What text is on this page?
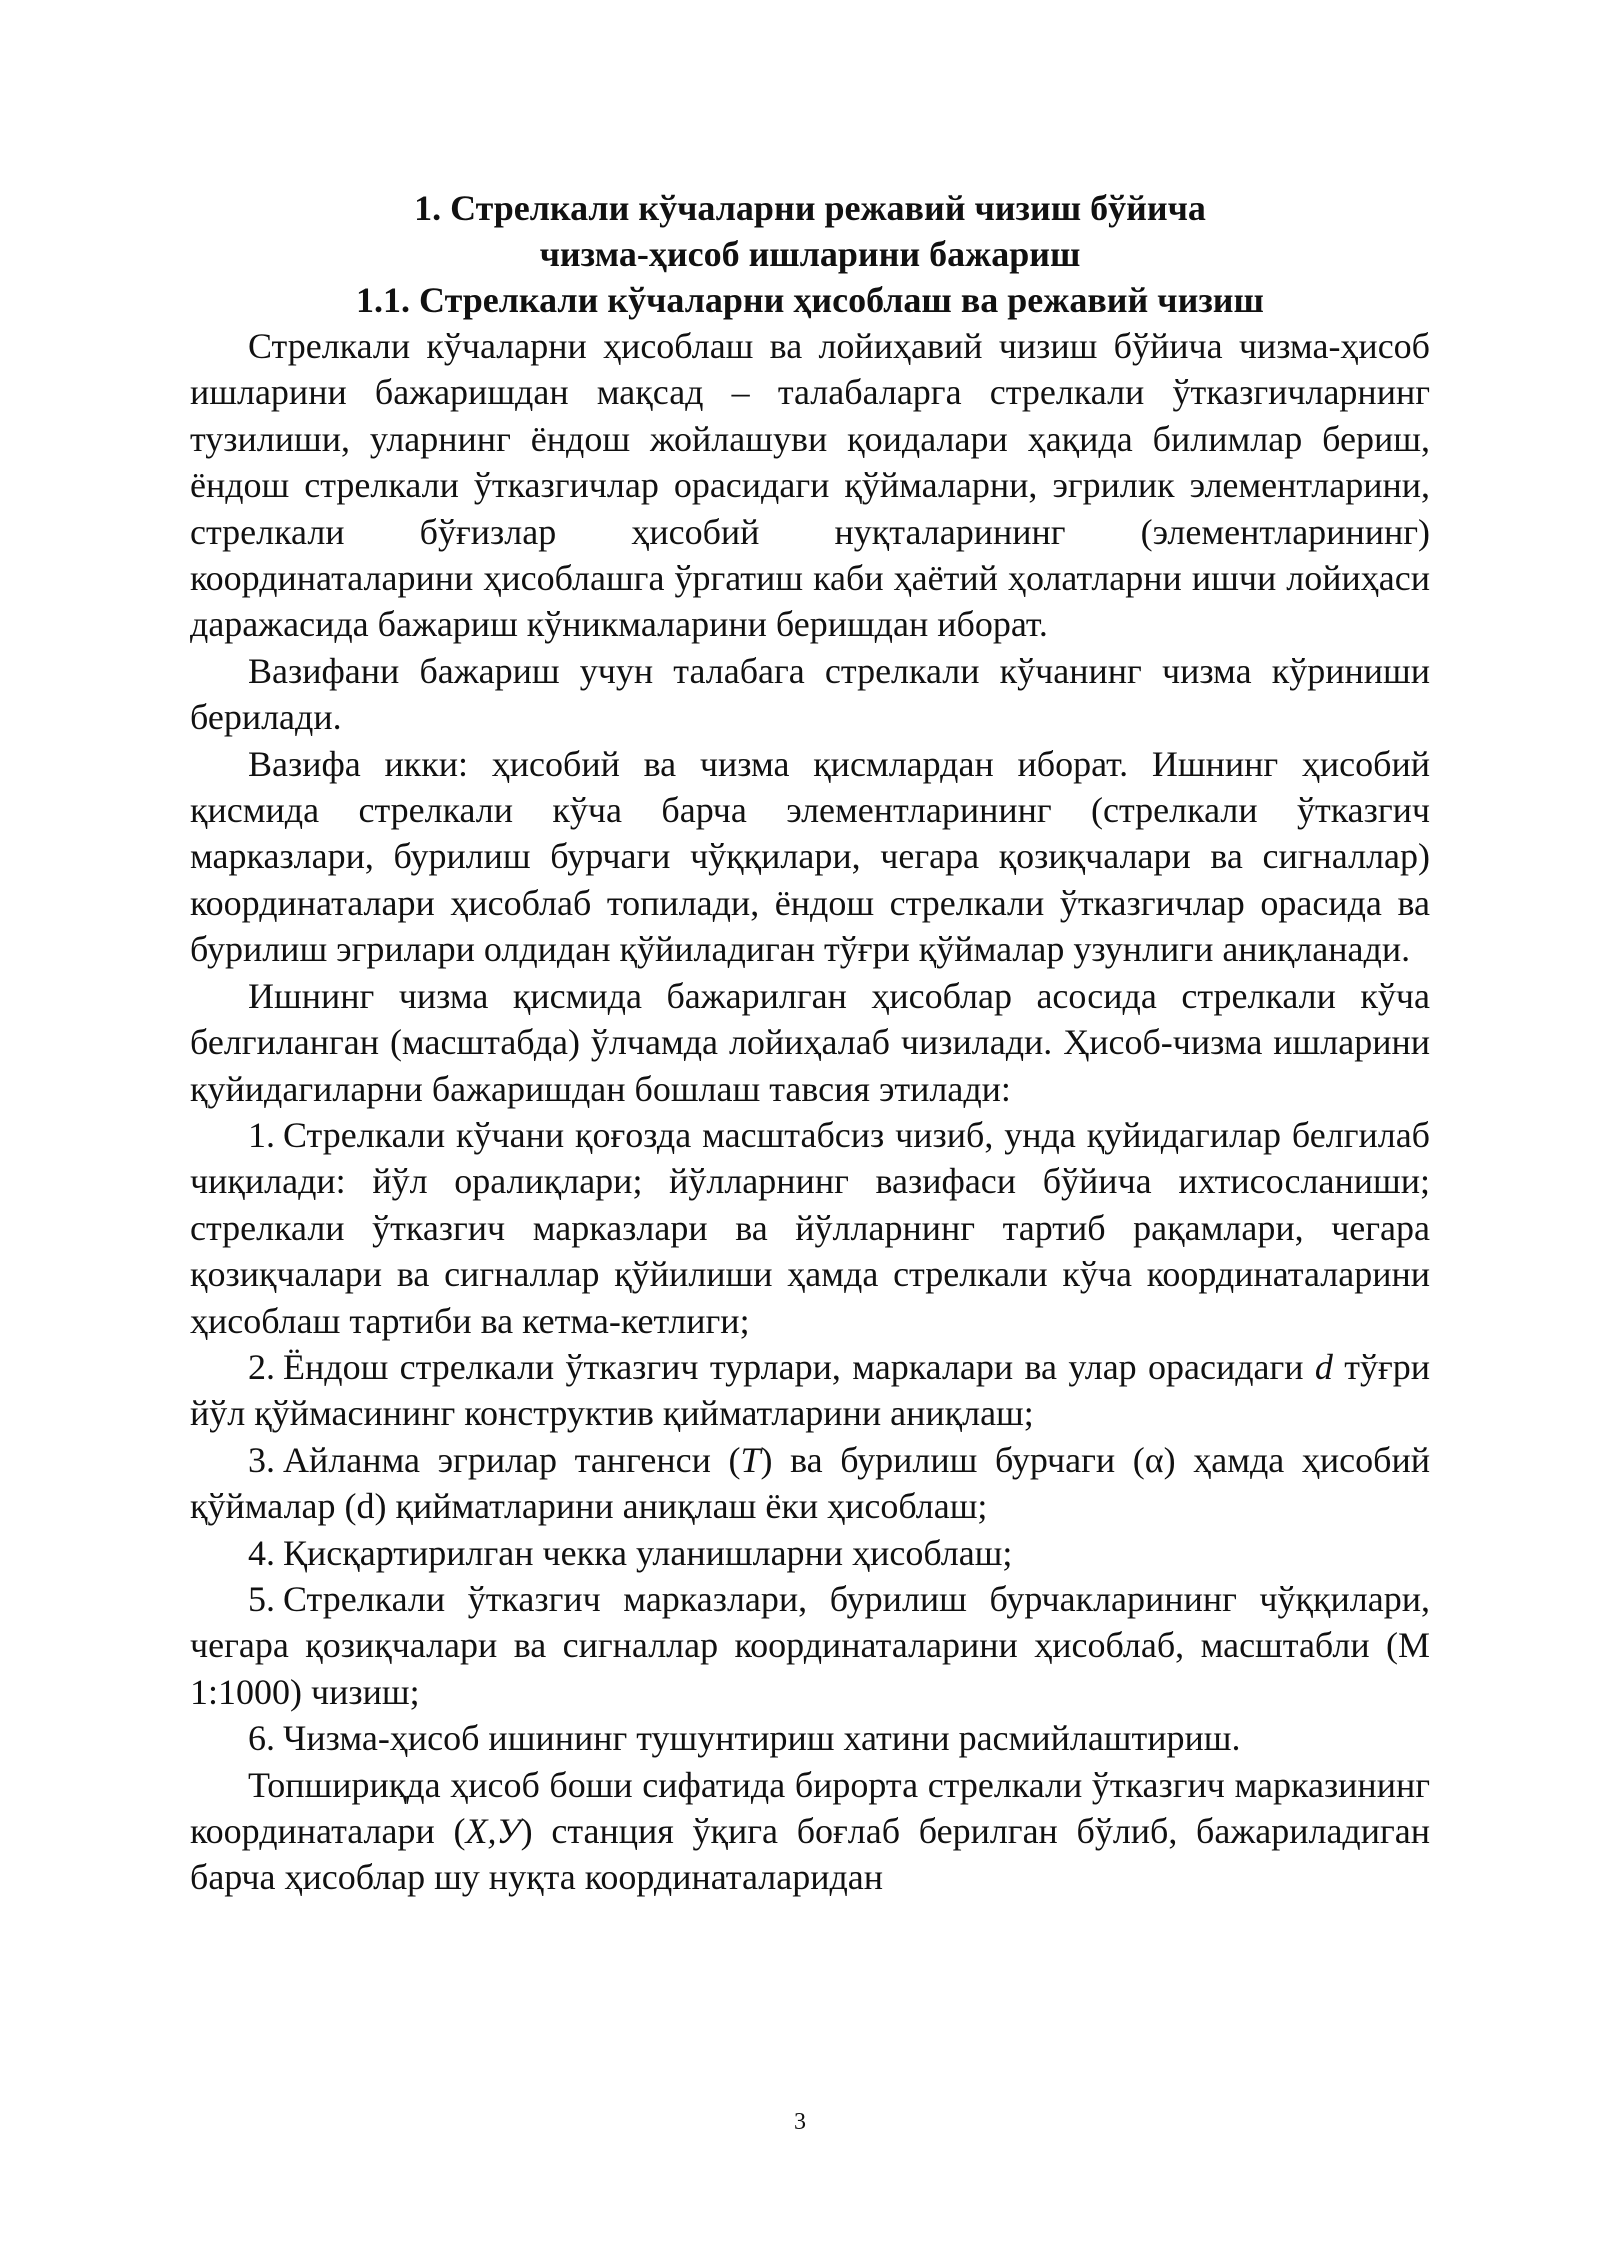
1. Стрелкали кўчаларни режавий чизиш бўйича

чизма-ҳисоб ишларини бажариш

1.1. Стрелкали кўчаларни ҳисоблаш ва режавий чизиш

Стрелкали кўчаларни ҳисоблаш ва лойиҳавий чизиш бўйича чизма-ҳисоб ишларини бажаришдан мақсад – талабаларга стрелкали ўтказгичларнинг тузилиши, уларнинг ёндош жойлашуви қоидалари ҳақида билимлар бериш, ёндош стрелкали ўтказгичлар орасидаги қўймаларни, эгрилик элементларини, стрелкали бўғизлар ҳисобий нуқталарининг (элементларининг) координаталарини ҳисоблашга ўргатиш каби ҳаётий ҳолатларни ишчи лойиҳаси даражасида бажариш кўникмаларини беришдан иборат.

Вазифани бажариш учун талабага стрелкали кўчанинг чизма кўриниши берилади.

Вазифа икки: ҳисобий ва чизма қисмлардан иборат. Ишнинг ҳисобий қисмида стрелкали кўча барча элементларининг (стрелкали ўтказгич марказлари, бурилиш бурчаги чўққилари, чегара қозиқчалари ва сигналлар) координаталари ҳисоблаб топилади, ёндош стрелкали ўтказгичлар орасида ва бурилиш эгрилари олдидан қўйиладиган тўғри қўймалар узунлиги аниқланади.

Ишнинг чизма қисмида бажарилган ҳисоблар асосида стрелкали кўча белгиланган (масштабда) ўлчамда лойиҳалаб чизилади. Ҳисоб-чизма ишларини қуйидагиларни бажаришдан бошлаш тавсия этилади:

1. Стрелкали кўчани қоғозда масштабсиз чизиб, унда қуйидагилар белгилаб чиқилади: йўл оралиқлари; йўлларнинг вазифаси бўйича ихтисосланиши; стрелкали ўтказгич марказлари ва йўлларнинг тартиб рақамлари, чегара қозиқчалари ва сигналлар қўйилиши ҳамда стрелкали кўча координаталарини ҳисоблаш тартиби ва кетма-кетлиги;

2. Ёндош стрелкали ўтказгич турлари, маркалари ва улар орасидаги d тўғри йўл қўймасининг конструктив қийматларини аниқлаш;

3. Айланма эгрилар тангенси (T) ва бурилиш бурчаги (α) ҳамда ҳисобий қўймалар (d) қийматларини аниқлаш ёки ҳисоблаш;

4. Қисқартирилган чекка уланишларни ҳисоблаш;

5. Стрелкали ўтказгич марказлари, бурилиш бурчакларининг чўққилари, чегара қозиқчалари ва сигналлар координаталарини ҳисоблаб, масштабли (М 1:1000) чизиш;

6. Чизма-ҳисоб ишининг тушунтириш хатини расмийлаштириш.

Топшириқда ҳисоб боши сифатида бирорта стрелкали ўтказгич марказининг координаталари (X,У) станция ўқига боғлаб берилган бўлиб, бажариладиган барча ҳисоблар шу нуқта координаталаридан

3
